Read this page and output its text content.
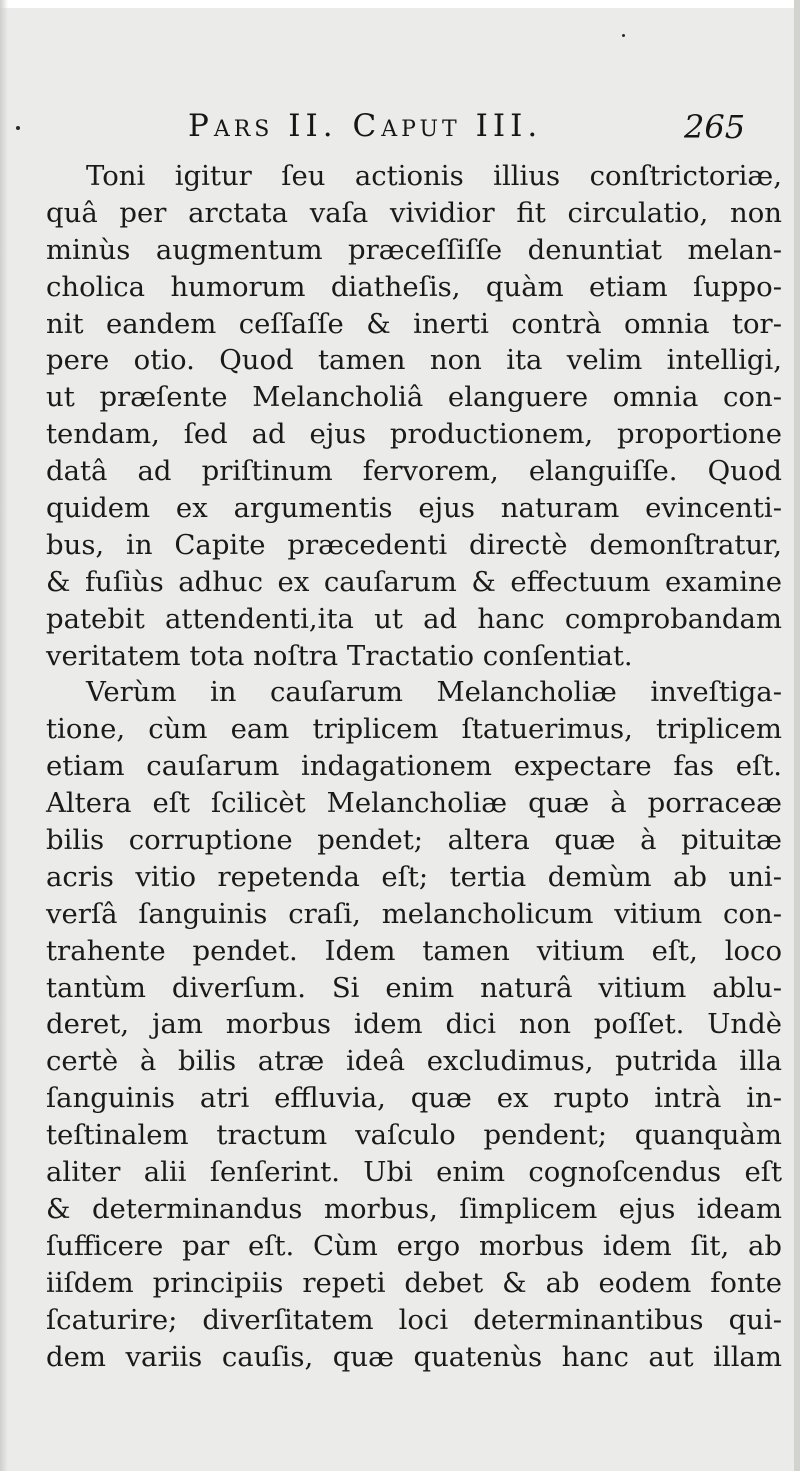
PARS II. CAPUT III.	265
Toni igitur ſeu actionis illius conſtrictoriæ,
quâ per arctata vaſa vividior fit circulatio, non
minùs augmentum præceſſiſſe denuntiat melan-
cholica humorum diatheſis, quàm etiam ſuppo-
nit eandem ceſſaſſe & inerti contrà omnia tor-
pere otio. Quod tamen non ita velim intelligi,
ut præſente Melancholiâ elanguere omnia con-
tendam, ſed ad ejus productionem, proportione
datâ ad priſtinum fervorem, elanguiſſe. Quod
quidem ex argumentis ejus naturam evincenti-
bus, in Capite præcedenti directè demonſtratur,
& fuſiùs adhuc ex cauſarum & effectuum examine
patebit attendenti,ita ut ad hanc comprobandam
veritatem tota noſtra Tractatio conſentiat.
Verùm in cauſarum Melancholiæ inveſtiga-
tione, cùm eam triplicem ſtatuerimus, triplicem
etiam cauſarum indagationem expectare fas eſt.
Altera eſt ſcilicèt Melancholiæ quæ à porraceæ
bilis corruptione pendet; altera quæ à pituitæ
acris vitio repetenda eſt; tertia demùm ab uni-
verſâ ſanguinis craſi, melancholicum vitium con-
trahente pendet. Idem tamen vitium eſt, loco
tantùm diverſum. Si enim naturâ vitium ablu-
deret, jam morbus idem dici non poſſet. Undè
certè à bilis atræ ideâ excludimus, putrida illa
ſanguinis atri effluvia, quæ ex rupto intrà in-
teſtinalem tractum vaſculo pendent; quanquàm
aliter alii ſenſerint. Ubi enim cognoſcendus eſt
& determinandus morbus, ſimplicem ejus ideam
ſufficere par eſt. Cùm ergo morbus idem ſit, ab
iiſdem principiis repeti debet & ab eodem fonte
ſcaturire; diverſitatem loci determinantibus qui-
dem variis cauſis, quæ quatenùs hanc aut illam
